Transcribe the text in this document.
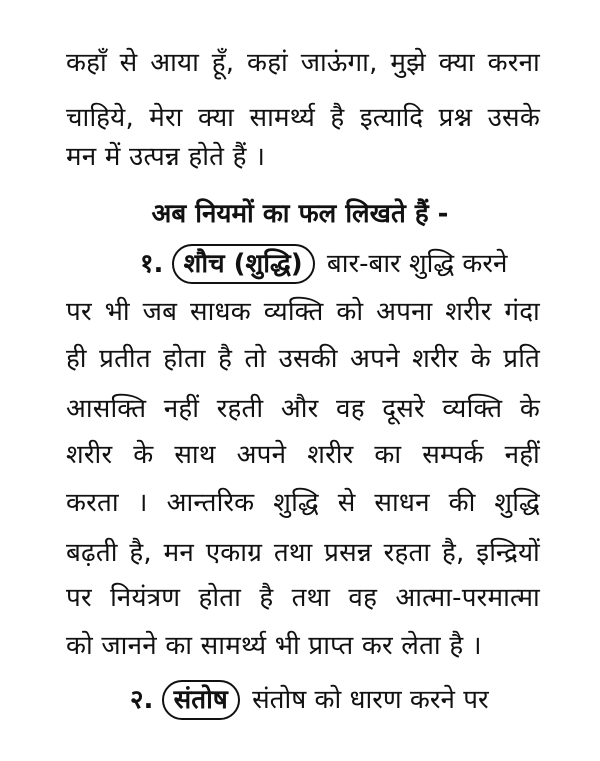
कहाँ से आया हूँ, कहां जाऊंगा, मुझे क्या करना
चाहिये, मेरा क्या सामर्थ्य है इत्यादि प्रश्न उसके
मन में उत्पन्न होते हैं ।
अब नियमों का फल लिखते हैं -
१. शौच (शुद्धि) बार-बार शुद्धि करने
पर भी जब साधक व्यक्ति को अपना शरीर गंदा
ही प्रतीत होता है तो उसकी अपने शरीर के प्रति
आसक्ति नहीं रहती और वह दूसरे व्यक्ति के
शरीर के साथ अपने शरीर का सम्पर्क नहीं
करता । आन्तरिक शुद्धि से साधन की शुद्धि
बढ़ती है, मन एकाग्र तथा प्रसन्न रहता है, इन्द्रियों
पर नियंत्रण होता है तथा वह आत्मा-परमात्मा
को जानने का सामर्थ्य भी प्राप्त कर लेता है ।
२. संतोष संतोष को धारण करने पर
